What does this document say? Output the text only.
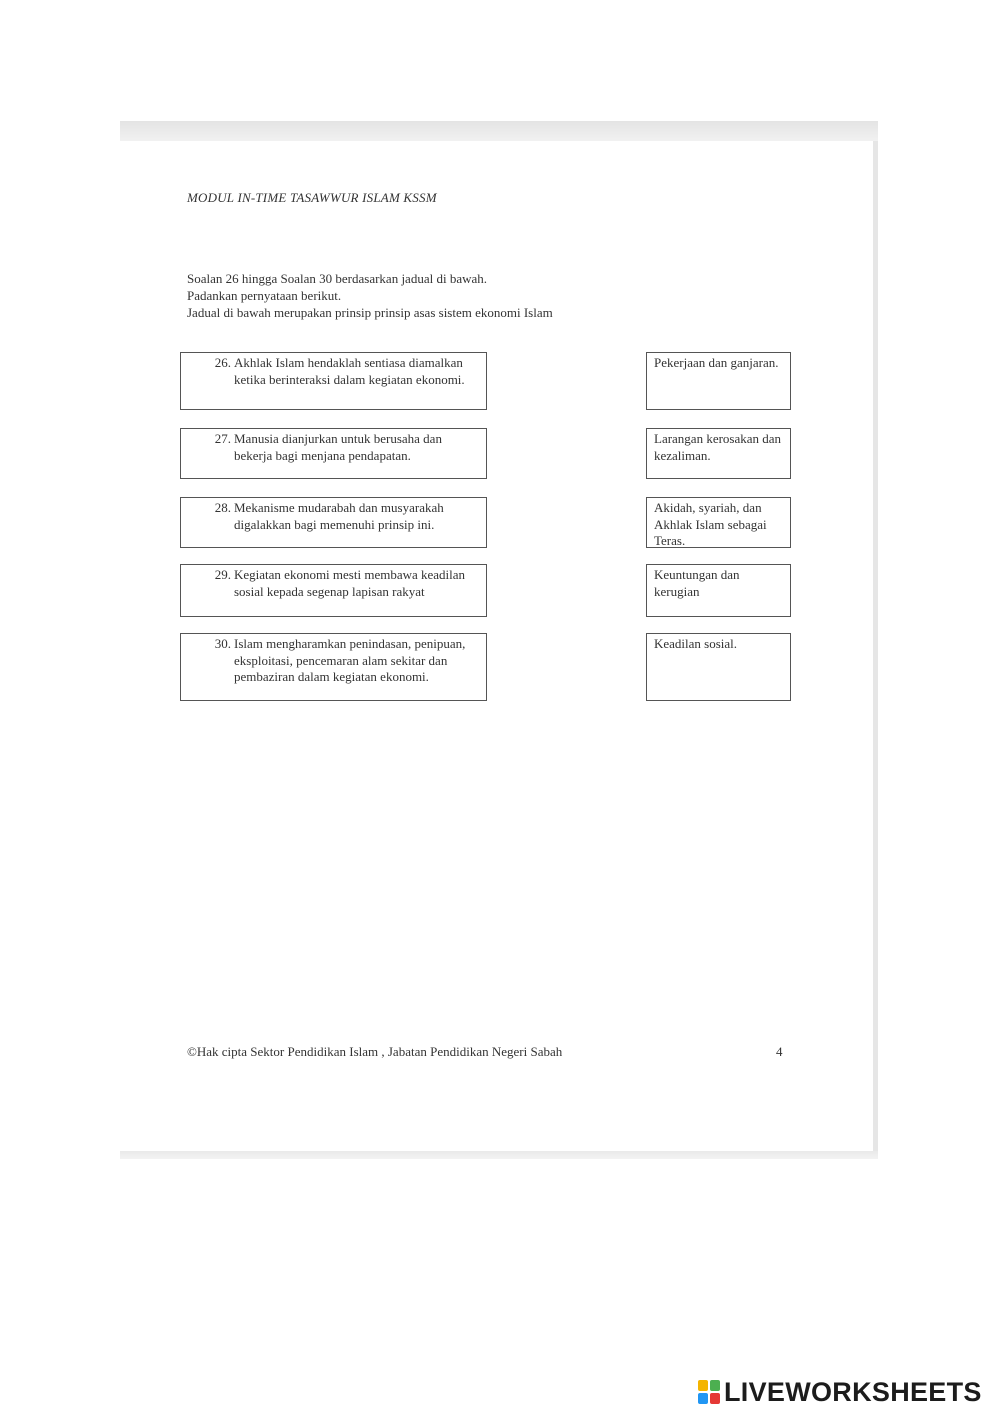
MODUL IN-TIME TASAWWUR ISLAM KSSM
Soalan 26 hingga Soalan 30 berdasarkan jadual di bawah.
Padankan pernyataan berikut.
Jadual di bawah merupakan prinsip prinsip asas sistem ekonomi Islam
26. Akhlak Islam hendaklah sentiasa diamalkan ketika berinteraksi dalam kegiatan ekonomi.
27. Manusia dianjurkan untuk berusaha dan bekerja bagi menjana pendapatan.
28. Mekanisme mudarabah dan musyarakah digalakkan bagi memenuhi prinsip ini.
29. Kegiatan ekonomi mesti membawa keadilan sosial kepada segenap lapisan rakyat
30. Islam mengharamkan penindasan, penipuan, eksploitasi, pencemaran alam sekitar dan pembaziran dalam kegiatan ekonomi.
Pekerjaan dan ganjaran.
Larangan kerosakan dan kezaliman.
Akidah, syariah, dan Akhlak Islam sebagai Teras.
Keuntungan dan kerugian
Keadilan sosial.
©Hak cipta Sektor Pendidikan Islam , Jabatan Pendidikan Negeri Sabah	4
LIVEWORKSHEETS
